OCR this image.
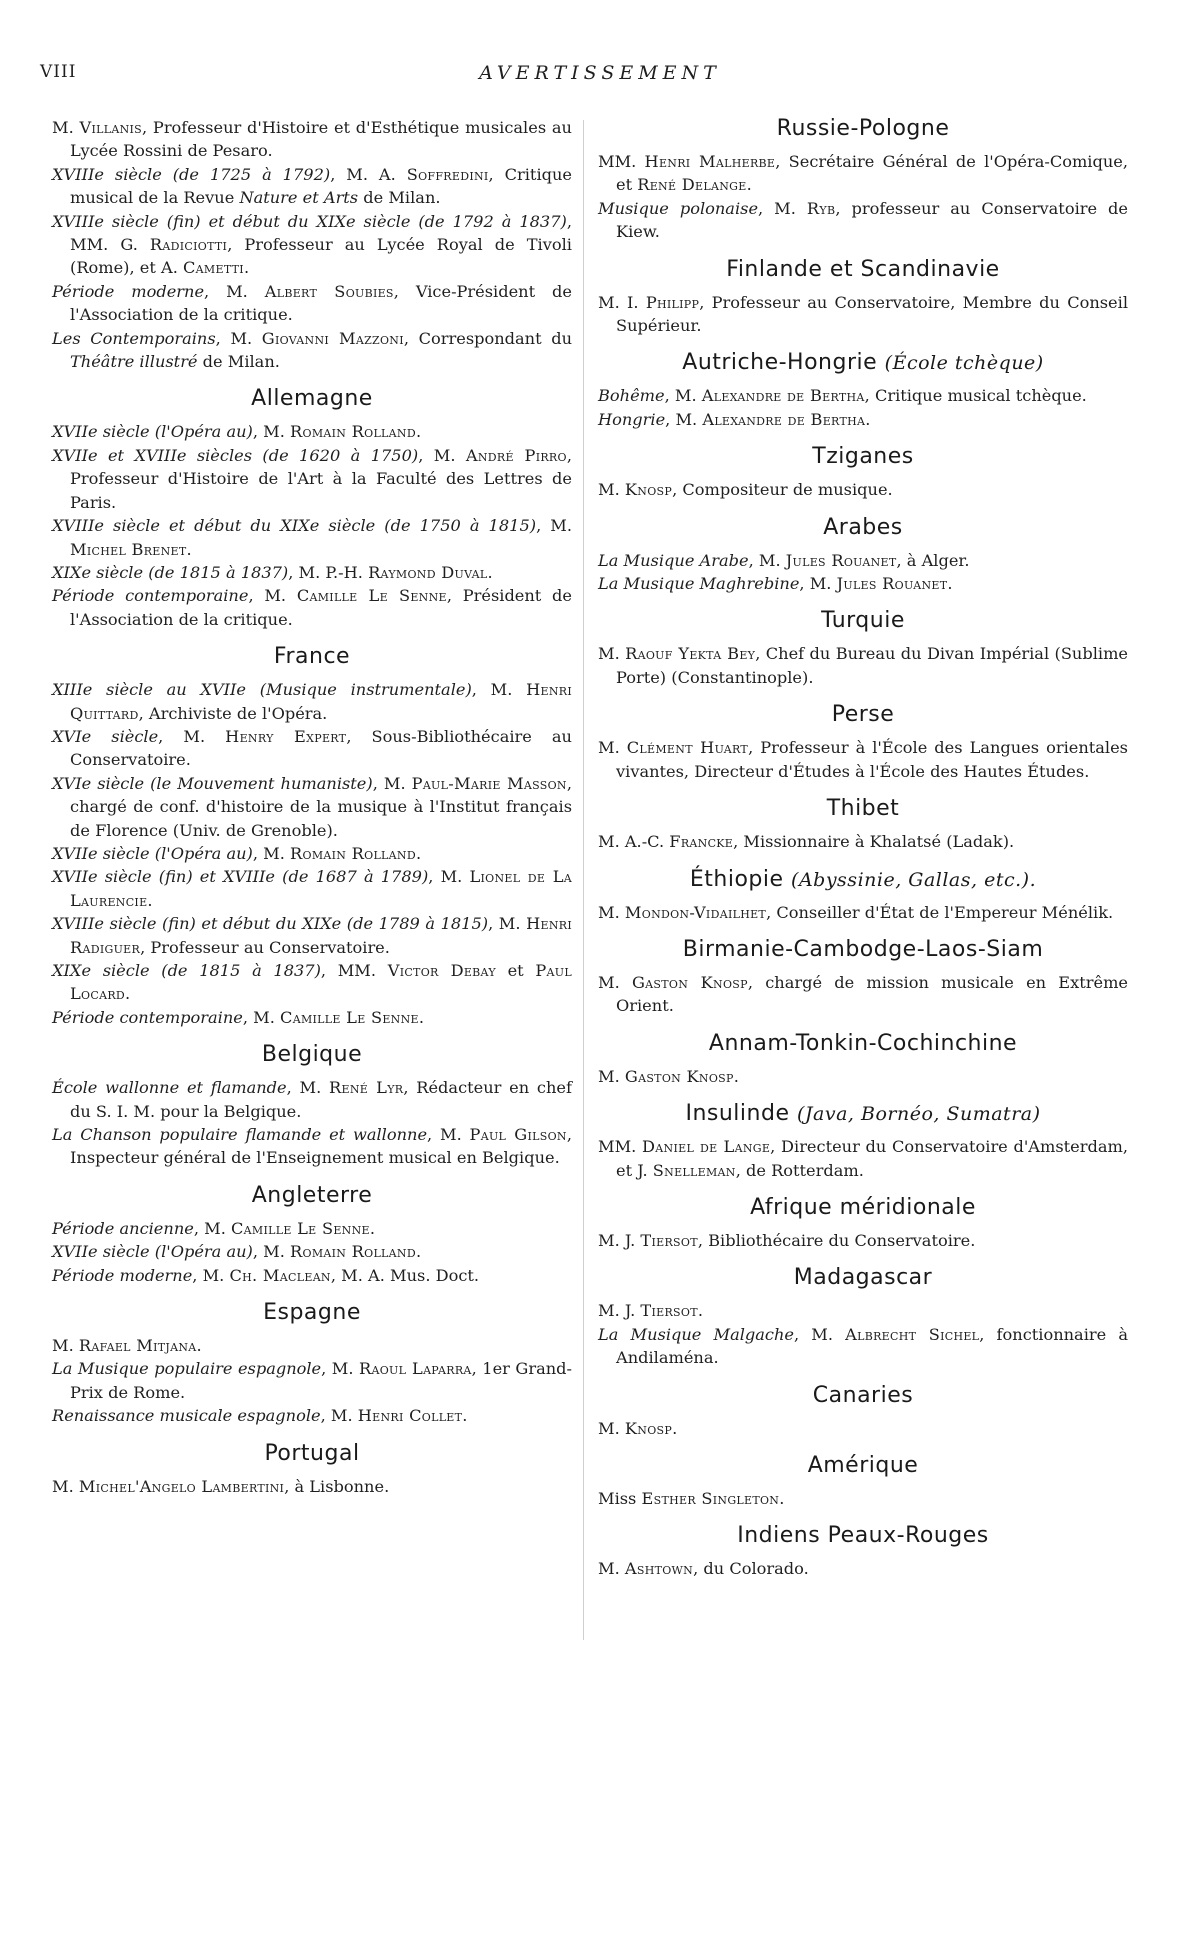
VIII	AVERTISSEMENT

M. Villanis, Professeur d'Histoire et d'Esthétique musicales au Lycée Rossini de Pesaro.

XVIIIe siècle (de 1725 à 1792), M. A. Soffredini, Critique musical de la Revue Nature et Arts de Milan.

XVIIIe siècle (fin) et début du XIXe siècle (de 1792 à 1837), MM. G. Radiciotti, Professeur au Lycée Royal de Tivoli (Rome), et A. Cametti.

Période moderne, M. Albert Soubies, Vice-Président de l'Association de la critique.

Les Contemporains, M. Giovanni Mazzoni, Correspondant du Théâtre illustré de Milan.

Allemagne

XVIIe siècle (l'Opéra au), M. Romain Rolland.

XVIIe et XVIIIe siècles (de 1620 à 1750), M. André Pirro, Professeur d'Histoire de l'Art à la Faculté des Lettres de Paris.

XVIIIe siècle et début du XIXe siècle (de 1750 à 1815), M. Michel Brenet.

XIXe siècle (de 1815 à 1837), M. P.-H. Raymond Duval.

Période contemporaine, M. Camille Le Senne, Président de l'Association de la critique.

France

XIIIe siècle au XVIIe (Musique instrumentale), M. Henri Quittard, Archiviste de l'Opéra.

XVIe siècle, M. Henry Expert, Sous-Bibliothécaire au Conservatoire.

XVIe siècle (le Mouvement humaniste), M. Paul-Marie Masson, chargé de conf. d'histoire de la musique à l'Institut français de Florence (Univ. de Grenoble).

XVIIe siècle (l'Opéra au), M. Romain Rolland.

XVIIe siècle (fin) et XVIIIe (de 1687 à 1789), M. Lionel de La Laurencie.

XVIIIe siècle (fin) et début du XIXe (de 1789 à 1815), M. Henri Radiguer, Professeur au Conservatoire.

XIXe siècle (de 1815 à 1837), MM. Victor Debay et Paul Locard.

Période contemporaine, M. Camille Le Senne.

Belgique

École wallonne et flamande, M. René Lyr, Rédacteur en chef du S. I. M. pour la Belgique.

La Chanson populaire flamande et wallonne, M. Paul Gilson, Inspecteur général de l'Enseignement musical en Belgique.

Angleterre

Période ancienne, M. Camille Le Senne.

XVIIe siècle (l'Opéra au), M. Romain Rolland.

Période moderne, M. Ch. Maclean, M. A. Mus. Doct.

Espagne

M. Rafael Mitjana.

La Musique populaire espagnole, M. Raoul Laparra, 1er Grand-Prix de Rome.

Renaissance musicale espagnole, M. Henri Collet.

Portugal

M. Michel'Angelo Lambertini, à Lisbonne.

Russie-Pologne

MM. Henri Malherbe, Secrétaire Général de l'Opéra-Comique, et René Delange.

Musique polonaise, M. Ryb, professeur au Conservatoire de Kiew.

Finlande et Scandinavie

M. I. Philipp, Professeur au Conservatoire, Membre du Conseil Supérieur.

Autriche-Hongrie (École tchèque)

Bohême, M. Alexandre de Bertha, Critique musical tchèque.

Hongrie, M. Alexandre de Bertha.

Tziganes

M. Knosp, Compositeur de musique.

Arabes

La Musique Arabe, M. Jules Rouanet, à Alger.

La Musique Maghrebine, M. Jules Rouanet.

Turquie

M. Raouf Yekta Bey, Chef du Bureau du Divan Impérial (Sublime Porte) (Constantinople).

Perse

M. Clément Huart, Professeur à l'École des Langues orientales vivantes, Directeur d'Études à l'École des Hautes Études.

Thibet

M. A.-C. Francke, Missionnaire à Khalatsé (Ladak).

Éthiopie (Abyssinie, Gallas, etc.).

M. Mondon-Vidailhet, Conseiller d'État de l'Empereur Ménélik.

Birmanie-Cambodge-Laos-Siam

M. Gaston Knosp, chargé de mission musicale en Extrême Orient.

Annam-Tonkin-Cochinchine

M. Gaston Knosp.

Insulinde (Java, Bornéo, Sumatra)

MM. Daniel de Lange, Directeur du Conservatoire d'Amsterdam, et J. Snelleman, de Rotterdam.

Afrique méridionale

M. J. Tiersot, Bibliothécaire du Conservatoire.

Madagascar

M. J. Tiersot.

La Musique Malgache, M. Albrecht Sichel, fonctionnaire à Andilaména.

Canaries

M. Knosp.

Amérique

Miss Esther Singleton.

Indiens Peaux-Rouges

M. Ashtown, du Colorado.
